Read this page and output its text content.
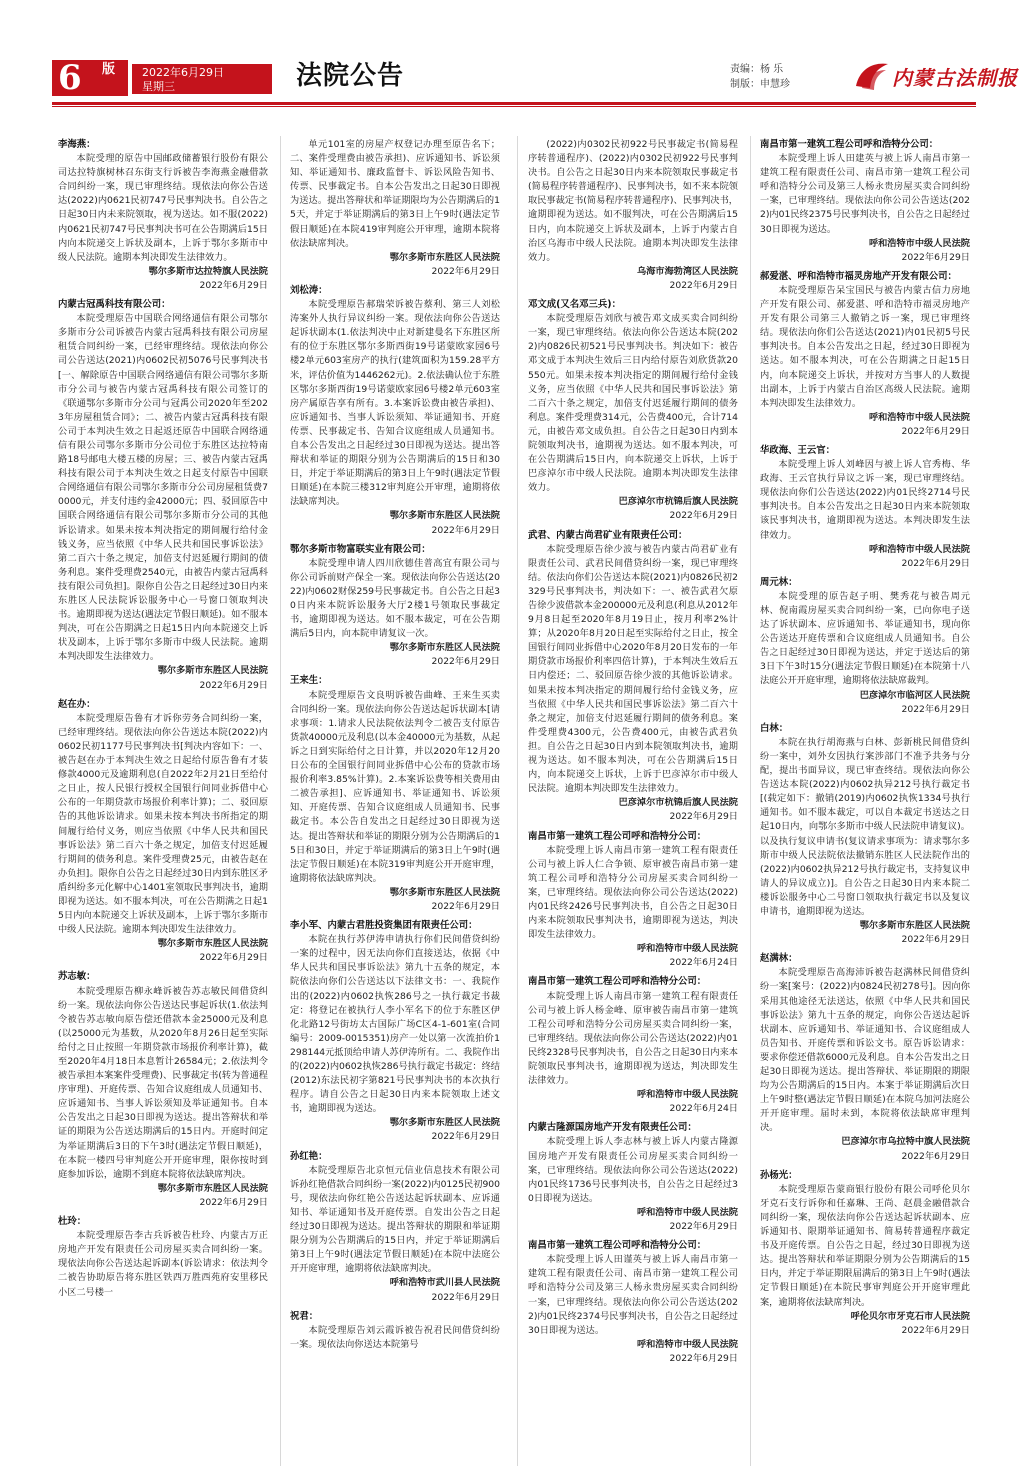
6 版	2022年6月29日
星期三	法院公告	责编：杨 乐
制版：申慧珍	内蒙古法制报
李海燕：
本院受理的原告中国邮政储蓄银行股份有限公司达拉特旗树林召东街支行诉被告李海燕金融借款合同纠纷一案，现已审理终结。现依法向你公告送达(2022)内0621民初747号民事判决书。自公告之日起30日内未来院领取，视为送达。如不服(2022)内0621民初747号民事判决书可在公告期满后15日内向本院递交上诉状及副本，上诉于鄂尔多斯市中级人民法院。逾期本判决即发生法律效力。
鄂尔多斯市达拉特旗人民法院
2022年6月29日
内蒙古冠禹科技有限公司：
本院受理原告中国联合网络通信有限公司鄂尔多斯市分公司诉被告内蒙古冠禹科技有限公司房屋租赁合同纠纷一案，已经审理终结。现依法向你公司公告送达(2021)内0602民初5076号民事判决书[一、解除原告中国联合网络通信有限公司鄂尔多斯市分公司与被告内蒙古冠禹科技有限公司签订的《联通鄂尔多斯市分公司与冠禹公司2020年至2023年房屋租赁合同》；二、被告内蒙古冠禹科技有限公司于本判决生效之日起返还原告中国联合网络通信有限公司鄂尔多斯市分公司位于东胜区达拉特南路18号邮电大楼五楼的房屋；三、被告内蒙古冠禹科技有限公司于本判决生效之日起支付原告中国联合网络通信有限公司鄂尔多斯市分公司房屋租赁费70000元，并支付违约金42000元；四、驳回原告中国联合网络通信有限公司鄂尔多斯市分公司的其他诉讼请求。如果未按本判决指定的期间履行给付金钱义务，应当依照《中华人民共和国民事诉讼法》第二百六十条之规定，加倍支付迟延履行期间的债务利息。案件受理费2540元，由被告内蒙古冠禹科技有限公司负担]。限你自公告之日起经过30日内来东胜区人民法院诉讼服务中心一号窗口领取判决书。逾期即视为送达(遇法定节假日顺延)。如不服本判决，可在公告期满之日起15日内向本院递交上诉状及副本，上诉于鄂尔多斯市中级人民法院。逾期本判决即发生法律效力。
鄂尔多斯市东胜区人民法院
2022年6月29日
赵在办：
本院受理原告鲁有才诉你劳务合同纠纷一案，已经审理终结。现依法向你公告送达本院(2022)内0602民初1177号民事判决书[判决内容如下：一、被告赵在办于本判决生效之日起给付原告鲁有才装修款4000元及逾期利息(自2022年2月21日至给付之日止，按人民银行授权全国银行间同业拆借中心公布的一年期贷款市场报价利率计算)；二、驳回原告的其他诉讼请求。如果未按本判决书所指定的期间履行给付义务，则应当依照《中华人民共和国民事诉讼法》第二百六十条之规定，加倍支付迟延履行期间的债务利息。案件受理费25元，由被告赵在办负担]。限你自公告之日起经过30日内到东胜区矛盾纠纷多元化解中心1401室领取民事判决书，逾期即视为送达。如不服本判决，可在公告期满之日起15日内向本院递交上诉状及副本，上诉于鄂尔多斯市中级人民法院。逾期本判决即发生法律效力。
鄂尔多斯市东胜区人民法院
2022年6月29日
苏志敏：
本院受理原告柳永峰诉被告苏志敏民间借贷纠纷一案。现依法向你公告送达民事起诉状(1.依法判令被告苏志敏向原告偿还借款本金25000元及利息(以25000元为基数，从2020年8月26日起至实际给付之日止按照一年期贷款市场报价利率计算)，截至2020年4月18日本息暂计26584元；2.依法判令被告承担本案案件受理费)、民事裁定书(转为普通程序审理)、开庭传票、告知合议庭组成人员通知书、应诉通知书、当事人诉讼须知及举证通知书。自本公告发出之日起30日即视为送达。提出答辩状和举证的期限为公告送达期满后的15日内。开庭时间定为举证期满后3日的下午3时(遇法定节假日顺延)，在本院一楼四号审判庭公开开庭审理，限你按时到庭参加诉讼，逾期不到庭本院将依法缺席判决。
鄂尔多斯市东胜区人民法院
2022年6月29日
杜玲：
本院受理原告李古兵诉被告杜玲、内蒙古万正房地产开发有限责任公司房屋买卖合同纠纷一案。现依法向你公告送达起诉副本(诉讼请求：依法判令二被告协助原告将东胜区铁西万胜西苑府安里移民小区二号楼一
单元101室的房屋产权登记办理至原告名下；二、案件受理费由被告承担)、应诉通知书、诉讼须知、举证通知书、廉政监督卡、诉讼风险告知书、传票、民事裁定书。自本公告发出之日起30日即视为送达。提出答辩状和举证期限均为公告期满后的15天，并定于举证期满后的第3日上午9时(遇法定节假日顺延)在本院419审判庭公开审理，逾期本院将依法缺席判决。
鄂尔多斯市东胜区人民法院
2022年6月29日
刘松涛：
本院受理原告郝瑞荣诉被告蔡利、第三人刘松涛案外人执行异议纠纷一案。现依法向你公告送达起诉状副本(1.依法判决中止对新建曼名下东胜区所有的位于东胜区鄂尔多斯西街19号诺蒙欧家园6号楼2单元603室房产的执行(建筑面积为159.28平方米，评估价值为1446262元)。2.依法确认位于东胜区鄂尔多斯西街19号诺蒙欧家园6号楼2单元603室房产属原告享有所有。3.本案诉讼费由被告承担)、应诉通知书、当事人诉讼须知、举证通知书、开庭传票、民事裁定书、告知合议庭组成人员通知书。自本公告发出之日起经过30日即视为送达。提出答辩状和举证的期限分别为公告期满后的15日和30日，并定于举证期满后的第3日上午9时(遇法定节假日顺延)在本院三楼312审判庭公开审理，逾期将依法缺席判决。
鄂尔多斯市东胜区人民法院
2022年6月29日
鄂尔多斯市物富联实业有限公司：
本院受理申请人四川欣德佳普高宜有限公司与你公司诉前财产保全一案。现依法向你公告送达(2022)内0602财保259号民事裁定书。自公告之日起30日内来本院诉讼服务大厅2楼1号领取民事裁定书，逾期即视为送达。如不服本裁定，可在公告期满后5日内，向本院申请复议一次。
鄂尔多斯市东胜区人民法院
2022年6月29日
王来生：
本院受理原告文良明诉被告曲峰、王来生买卖合同纠纷一案。现依法向你公告送达起诉状副本[请求事项：1.请求人民法院依法判令二被告支付原告货款40000元及利息(以本金40000元为基数，从起诉之日到实际给付之日计算，并以2020年12月20日公布的全国银行间同业拆借中心公布的贷款市场报价利率3.85%计算)。2.本案诉讼费等相关费用由二被告承担]、应诉通知书、举证通知书、诉讼须知、开庭传票、告知合议庭组成人员通知书、民事裁定书。本公告自发出之日起经过30日即视为送达。提出答辩状和举证的期限分别为公告期满后的15日和30日，并定于举证期满后的第3日上午9时(遇法定节假日顺延)在本院319审判庭公开开庭审理，逾期将依法缺席判决。
鄂尔多斯市东胜区人民法院
2022年6月29日
李小军、内蒙古君胜投资集团有限责任公司：
本院在执行苏伊涛申请执行你们民间借贷纠纷一案的过程中，因无法向你们直接送达，依据《中华人民共和国民事诉讼法》第九十五条的规定，本院依法向你们公告送达以下法律文书：一、我院作出的(2022)内0602执恢286号之一执行裁定书裁定：将登记在被执行人李小军名下的位于东胜区伊化北路12号街坊太古国际广场C区4-1-601室(合同编号：2009-0015351)房产一处以第一次流拍价1298144元抵顶给申请人苏伊涛所有。二、我院作出的(2022)内0602执恢286号执行裁定书裁定：终结(2012)东法民初字第821号民事判决书的本次执行程序。请自公告之日起30日内来本院领取上述文书，逾期即视为送达。
鄂尔多斯市东胜区人民法院
2022年6月29日
孙红艳：
本院受理原告北京恒元信业信息技术有限公司诉孙红艳借款合同纠纷一案(2022)内0125民初900号，现依法向你红艳公告送达起诉状副本、应诉通知书、举证通知书及开庭传票。自发出公告之日起经过30日即视为送达。提出答辩状的期限和举证期限分别为公告期满后的15日内，并定于举证期满后第3日上午9时(遇法定节假日顺延)在本院中法庭公开开庭审理，逾期将依法缺席判决。
呼和浩特市武川县人民法院
2022年6月29日
祝君：
本院受理原告刘云霞诉被告祝君民间借贷纠纷一案。现依法向你送达本院第号
(2022)内0302民初922号民事裁定书(简易程序转普通程序)、(2022)内0302民初922号民事判决书。自公告之日起30日内来本院领取民事裁定书(简易程序转普通程序)、民事判决书，如不来本院领取民事裁定书(简易程序转普通程序)、民事判决书，逾期即视为送达。如不服判决，可在公告期满后15日内，向本院递交上诉状及副本，上诉于内蒙古自治区乌海市中级人民法院。逾期本判决即发生法律效力。
乌海市海勃湾区人民法院
2022年6月29日
邓文成(又名邓三兵)：
本院受理原告刘欣与被告邓文成买卖合同纠纷一案，现已审理终结。依法向你公告送达本院(2022)内0826民初521号民事判决书。判决如下：被告邓文成于本判决生效后三日内给付原告刘欣货款20550元。如果未按本判决指定的期间履行给付金钱义务，应当依照《中华人民共和国民事诉讼法》第二百六十条之规定，加倍支付迟延履行期间的债务利息。案件受理费314元，公告费400元，合计714元，由被告邓文成负担。自公告之日起30日内到本院领取判决书，逾期视为送达。如不服本判决，可在公告期满后15日内，向本院递交上诉状，上诉于巴彦淖尔市中级人民法院。逾期本判决即发生法律效力。
巴彦淖尔市杭锦后旗人民法院
2022年6月29日
武君、内蒙古尚君矿业有限责任公司：
本院受理原告徐少波与被告内蒙古尚君矿业有限责任公司、武君民间借贷纠纷一案，现已审理终结。依法向你们公告送达本院(2021)内0826民初2329号民事判决书，判决如下：一、被告武君欠原告徐少波借款本金200000元及利息(利息从2012年9月8日起至2020年8月19日止，按月利率2%计算；从2020年8月20日起至实际给付之日止，按全国银行间同业拆借中心2020年8月20日发布的一年期贷款市场报价利率四倍计算)，于本判决生效后五日内偿还；二、驳回原告徐少波的其他诉讼请求。如果未按本判决指定的期间履行给付金钱义务，应当依照《中华人民共和国民事诉讼法》第二百六十条之规定，加倍支付迟延履行期间的债务利息。案件受理费4300元，公告费400元，由被告武君负担。自公告之日起30日内到本院领取判决书，逾期视为送达。如不服本判决，可在公告期满后15日内，向本院递交上诉状，上诉于巴彦淖尔市中级人民法院。逾期本判决即发生法律效力。
巴彦淖尔市杭锦后旗人民法院
2022年6月29日
南昌市第一建筑工程公司呼和浩特分公司：
本院受理上诉人南昌市第一建筑工程有限责任公司与被上诉人仁合争锁、原审被告南昌市第一建筑工程公司呼和浩特分公司房屋买卖合同纠纷一案，已审理终结。现依法向你公司公告送达(2022)内01民终2426号民事判决书，自公告之日起30日内来本院领取民事判决书，逾期即视为送达，判决即发生法律效力。
呼和浩特市中级人民法院
2022年6月24日
南昌市第一建筑工程公司呼和浩特分公司：
本院受理上诉人南昌市第一建筑工程有限责任公司与被上诉人杨金峰、原审被告南昌市第一建筑工程公司呼和浩特分公司房屋买卖合同纠纷一案，已审理终结。现依法向你公司公告送达(2022)内01民终2328号民事判决书，自公告之日起30日内来本院领取民事判决书，逾期即视为送达，判决即发生法律效力。
呼和浩特市中级人民法院
2022年6月24日
内蒙古隆源国房地产开发有限责任公司：
本院受理上诉人李志林与被上诉人内蒙古隆源国房地产开发有限责任公司房屋买卖合同纠纷一案，已审理终结。现依法向你公司公告送达(2022)内01民终1736号民事判决书，自公告之日起经过30日即视为送达。
呼和浩特市中级人民法院
2022年6月29日
南昌市第一建筑工程公司呼和浩特分公司：
本院受理上诉人田谨英与被上诉人南昌市第一建筑工程有限责任公司、南昌市第一建筑工程公司呼和浩特分公司及第三人杨永贵房屋买卖合同纠纷一案，已审理终结。现依法向你公司公告送达(2022)内01民终2374号民事判决书，自公告之日起经过30日即视为送达。
呼和浩特市中级人民法院
2022年6月29日
南昌市第一建筑工程公司呼和浩特分公司：
本院受理上诉人田建英与被上诉人南昌市第一建筑工程有限责任公司、南昌市第一建筑工程公司呼和浩特分公司及第三人杨永贵房屋买卖合同纠纷一案，已审理终结。现依法向你公司公告送达(2022)内01民终2375号民事判决书，自公告之日起经过30日即视为送达。
呼和浩特市中级人民法院
2022年6月29日
郝爱湛、呼和浩特市福灵房地产开发有限公司：
本院受理原告呆宝国民与被告内蒙古信力房地产开发有限公司、郝爱湛、呼和浩特市福灵房地产开发有限公司第三人撤销之诉一案，现已审理终结。现依法向你们公告送达(2021)内01民初5号民事判决书。自本公告发出之日起，经过30日即视为送达。如不服本判决，可在公告期满之日起15日内，向本院递交上诉状，并按对方当事人的人数提出副本，上诉于内蒙古自治区高级人民法院。逾期本判决即发生法律效力。
呼和浩特市中级人民法院
2022年6月29日
华政海、王云官：
本院受理上诉人刘峰因与被上诉人官秀梅、华政海、王云官执行异议之诉一案，现已审理终结。现依法向你们公告送达(2022)内01民终2714号民事判决书。自本公告发出之日起30日内来本院领取该民事判决书，逾期即视为送达。本判决即发生法律效力。
呼和浩特市中级人民法院
2022年6月29日
周元林：
本院受理的原告赵子明、樊秀花与被告周元林、倪南霞房屋买卖合同纠纷一案，已向你电子送达了诉状副本、应诉通知书、举证通知书，现向你公告送达开庭传票和合议庭组成人员通知书。自公告之日起经过30日即视为送达，并定于送达后的第3日下午3时15分(遇法定节假日顺延)在本院第十八法庭公开开庭审理，逾期将依法缺席裁判。
巴彦淖尔市临河区人民法院
2022年6月29日
白林：
本院在执行胡海燕与白林、彭新桃民间借贷纠纷一案中，刘外女因执行案涉部门不准予共务与分配，提出书面异议，现已审查终结。现依法向你公告送达本院(2022)内0602执异212号执行裁定书[(载定如下：撤销(2019)内0602执恢1334号执行通知书。如不服本裁定，可以自本裁定书送达之日起10日内，向鄂尔多斯市中级人民法院申请复议)。以及执行复议申请书(复议请求事项为：请求鄂尔多斯市中级人民法院依法撤销东胜区人民法院作出的(2022)内0602执异212号执行裁定书，支持复议申请人的异议成立)]。自公告之日起30日内来本院二楼诉讼服务中心二号窗口领取执行裁定书以及复议申请书，逾期即视为送达。
鄂尔多斯市东胜区人民法院
2022年6月29日
赵满林：
本院受理原告高海沛诉被告赵满林民间借贷纠纷一案[案号：(2022)内0824民初278号]。因向你采用其他途径无法送达，依照《中华人民共和国民事诉讼法》第九十五条的规定，向你公告送达起诉状副本、应诉通知书、举证通知书、合议庭组成人员告知书、开庭传票和诉讼文书。原告诉讼请求：要求你偿还借款6000元及利息。自本公告发出之日起30日即视为送达。提出答辩状、举证期限的期限均为公告期满后的15日内。本案于举证期满后次日上午9时整(遇法定节假日顺延)在本院乌加河法庭公开开庭审理。届时未到，本院将依法缺席审理判决。
巴彦淖尔市乌拉特中旗人民法院
2022年6月29日
孙杨光：
本院受理原告蒙商银行股份有限公司呼伦贝尔牙克石支行诉你和任嘉琳、王尚、赵晨金融借款合同纠纷一案，现依法向你公告送达起诉状副本、应诉通知书、限期举证通知书、简易转普通程序裁定书及开庭传票。自公告之日起，经过30日即视为送达。提出答辩状和举证期限分别为公告期满后的15日内，并定于举证期限届满后的第3日上午9时(遇法定节假日顺延)在本院民事审判庭公开开庭审理此案，逾期将依法缺席判决。
呼伦贝尔市牙克石市人民法院
2022年6月29日
